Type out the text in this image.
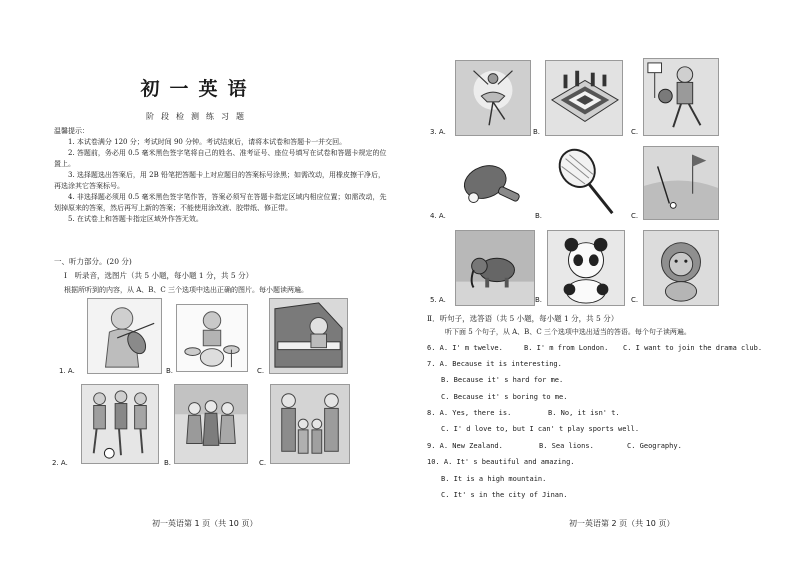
初一英语
阶段检测练习题

温馨提示：

1. 本试卷满分 120 分；考试时间 90 分钟。考试结束后，请将本试卷和答题卡一并交回。

2. 答题前，务必用 0.5 毫米黑色签字笔将自己的姓名、准考证号、座位号填写在试卷和答题卡规定的位置上。

3. 选择题选出答案后，用 2B 铅笔把答题卡上对应题目的答案标号涂黑；如需改动，用橡皮擦干净后，再选涂其它答案标号。

4. 非选择题必须用 0.5 毫米黑色签字笔作答，答案必须写在答题卡指定区域内相应位置；如需改动，先划掉原来的答案，然后再写上新的答案；不能使用涂改液、胶带纸、修正带。

5. 在试卷上和答题卡指定区域外作答无效。

一、听力部分。(20 分)
Ⅰ　听录音，选图片（共 5 小题，每小题 1 分，共 5 分）
根据所听到的内容，从 A、B、C 三个选项中选出正确的图片。每小题读两遍。
1. A.	B.	C.
2. A.	B.	C.
初一英语第 1 页（共 10 页）
3. A.	B.	C.
4. A.	B.	C.
5. A.	B.	C.
Ⅱ．听句子，选答语（共 5 小题，每小题 1 分，共 5 分）
听下面 5 个句子，从 A、B、C 三个选项中选出适当的答语。每个句子读两遍。
6. A. I' m twelve.	B. I' m from London. C. I want to join the drama club.
7. A. Because it is interesting.
B. Because it' s hard for me.
C. Because it' s boring to me.
8. A. Yes, there is.	B. No, it isn' t.
C. I' d love to, but I can' t play sports well.
9. A. New Zealand.	B. Sea lions.	C. Geography.
10. A. It' s beautiful and amazing.
B. It is a high mountain.
C. It' s in the city of Jinan.
初一英语第 2 页（共 10 页）
